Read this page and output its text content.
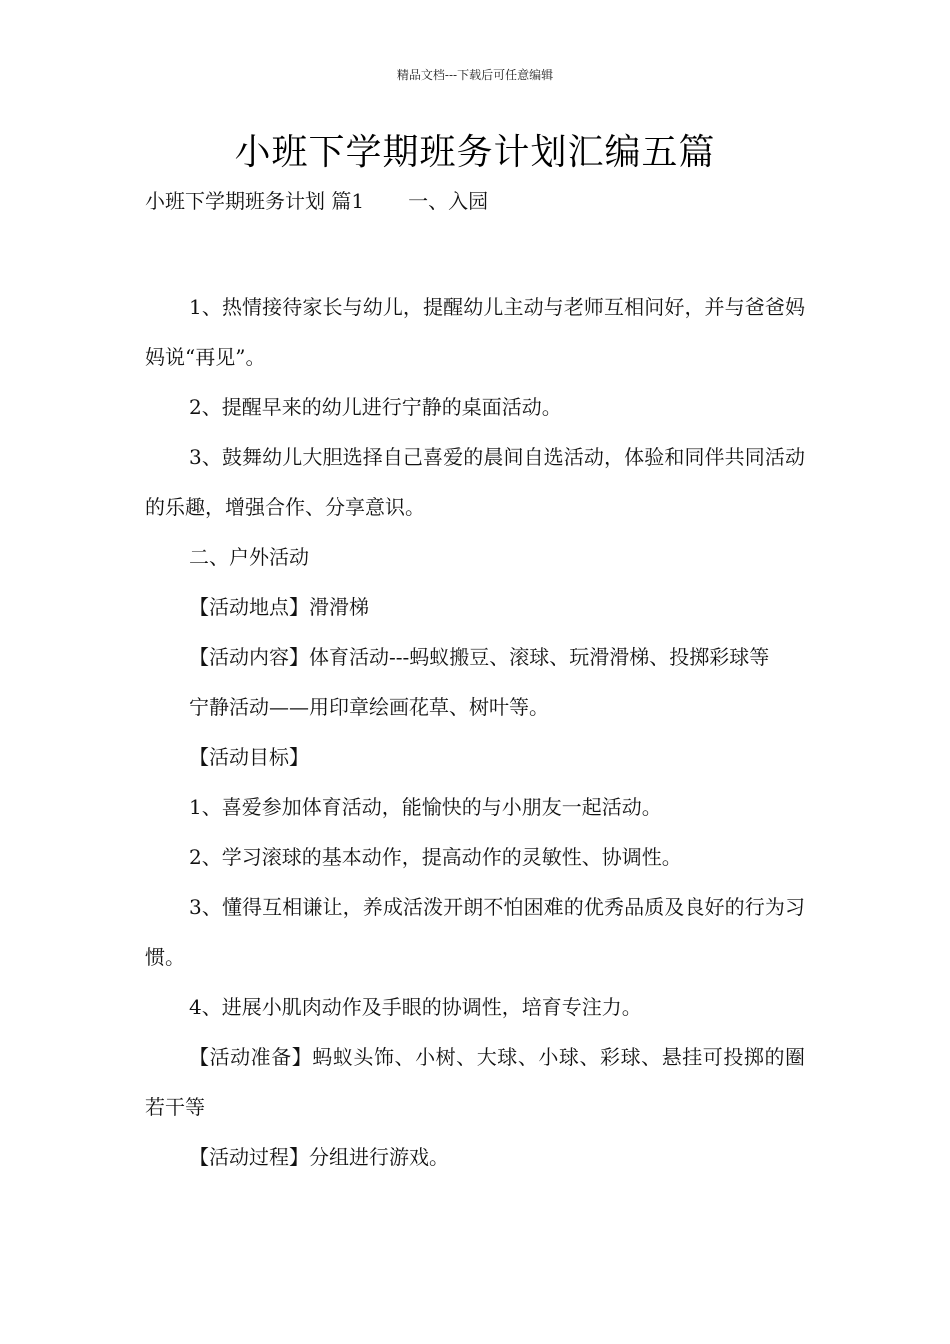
精品文档---下载后可任意编辑
小班下学期班务计划汇编五篇
小班下学期班务计划 篇1 一、入园

1、热情接待家长与幼儿，提醒幼儿主动与老师互相问好，并与爸爸妈妈说“再见”。

2、提醒早来的幼儿进行宁静的桌面活动。

3、鼓舞幼儿大胆选择自己喜爱的晨间自选活动，体验和同伴共同活动的乐趣，增强合作、分享意识。

二、户外活动

【活动地点】滑滑梯

【活动内容】体育活动---蚂蚁搬豆、滚球、玩滑滑梯、投掷彩球等

宁静活动——用印章绘画花草、树叶等。

【活动目标】

1、喜爱参加体育活动，能愉快的与小朋友一起活动。

2、学习滚球的基本动作，提高动作的灵敏性、协调性。

3、懂得互相谦让，养成活泼开朗不怕困难的优秀品质及良好的行为习惯。

4、进展小肌肉动作及手眼的协调性，培育专注力。

【活动准备】蚂蚁头饰、小树、大球、小球、彩球、悬挂可投掷的圈若干等

【活动过程】分组进行游戏。
